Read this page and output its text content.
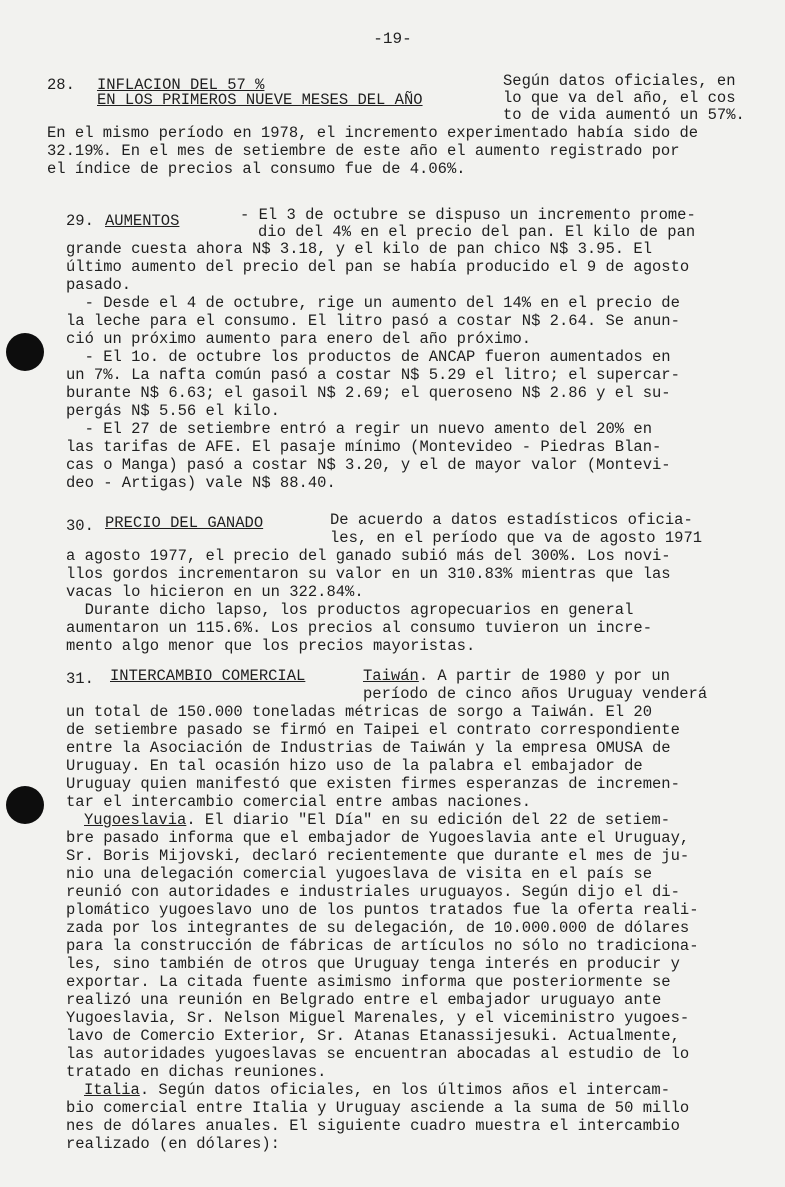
-19-
28. INFLACION DEL 57 %
EN LOS PRIMEROS NUEVE MESES DEL AÑO
Según datos oficiales, en
lo que va del año, el cos
to de vida aumentó un 57%.
En el mismo período en 1978, el incremento experimentado había sido de
32.19%. En el mes de setiembre de este año el aumento registrado por
el índice de precios al consumo fue de 4.06%.
29. AUMENTOS	- El 3 de octubre se dispuso un incremento prome-
dio del 4% en el precio del pan. El kilo de pan
grande cuesta ahora N$ 3.18, y el kilo de pan chico N$ 3.95. El
último aumento del precio del pan se había producido el 9 de agosto
pasado.
- Desde el 4 de octubre, rige un aumento del 14% en el precio de
la leche para el consumo. El litro pasó a costar N$ 2.64. Se anun-
ció un próximo aumento para enero del año próximo.
- El 1o. de octubre los productos de ANCAP fueron aumentados en
un 7%. La nafta común pasó a costar N$ 5.29 el litro; el supercar-
burante N$ 6.63; el gasoil N$ 2.69; el queroseno N$ 2.86 y el su-
pergás N$ 5.56 el kilo.
- El 27 de setiembre entró a regir un nuevo amento del 20% en
las tarifas de AFE. El pasaje mínimo (Montevideo - Piedras Blan-
cas o Manga) pasó a costar N$ 3.20, y el de mayor valor (Montevi-
deo - Artigas) vale N$ 88.40.
30. PRECIO DEL GANADO	De acuerdo a datos estadísticos oficia-
les, en el período que va de agosto 1971
a agosto 1977, el precio del ganado subió más del 300%. Los novi-
llos gordos incrementaron su valor en un 310.83% mientras que las
vacas lo hicieron en un 322.84%.
Durante dicho lapso, los productos agropecuarios en general
aumentaron un 115.6%. Los precios al consumo tuvieron un incre-
mento algo menor que los precios mayoristas.
31. INTERCAMBIO COMERCIAL	Taiwán. A partir de 1980 y por un
período de cinco años Uruguay venderá
un total de 150.000 toneladas métricas de sorgo a Taiwán. El 20
de setiembre pasado se firmó en Taipei el contrato correspondiente
entre la Asociación de Industrias de Taiwán y la empresa OMUSA de
Uruguay. En tal ocasión hizo uso de la palabra el embajador de
Uruguay quien manifestó que existen firmes esperanzas de incremen-
tar el intercambio comercial entre ambas naciones.
Yugoeslavia. El diario "El Día" en su edición del 22 de setiem-
bre pasado informa que el embajador de Yugoeslavia ante el Uruguay,
Sr. Boris Mijovski, declaró recientemente que durante el mes de ju-
nio una delegación comercial yugoeslava de visita en el país se
reunió con autoridades e industriales uruguayos. Según dijo el di-
plomático yugoeslavo uno de los puntos tratados fue la oferta reali-
zada por los integrantes de su delegación, de 10.000.000 de dólares
para la construcción de fábricas de artículos no sólo no tradiciona-
les, sino también de otros que Uruguay tenga interés en producir y
exportar. La citada fuente asimismo informa que posteriormente se
realizó una reunión en Belgrado entre el embajador uruguayo ante
Yugoeslavia, Sr. Nelson Miguel Marenales, y el viceministro yugoes-
lavo de Comercio Exterior, Sr. Atanas Etanassijesuki. Actualmente,
las autoridades yugoeslavas se encuentran abocadas al estudio de lo
tratado en dichas reuniones.
Italia. Según datos oficiales, en los últimos años el intercam-
bio comercial entre Italia y Uruguay asciende a la suma de 50 millo
nes de dólares anuales. El siguiente cuadro muestra el intercambio
realizado (en dólares):
